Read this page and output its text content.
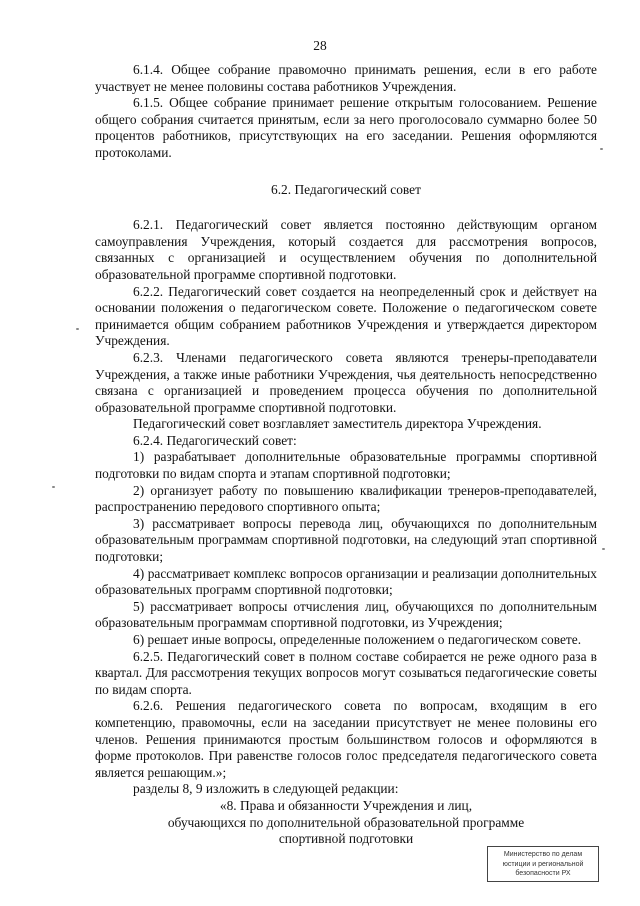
28

6.1.4. Общее собрание правомочно принимать решения, если в его работе участвует не менее половины состава работников Учреждения.

6.1.5. Общее собрание принимает решение открытым голосованием. Решение общего собрания считается принятым, если за него проголосовало суммарно более 50 процентов работников, присутствующих на его заседании. Решения оформляются протоколами.

6.2. Педагогический совет

6.2.1. Педагогический совет является постоянно действующим органом самоуправления Учреждения, который создается для рассмотрения вопросов, связанных с организацией и осуществлением обучения по дополнительной образовательной программе спортивной подготовки.

6.2.2. Педагогический совет создается на неопределенный срок и действует на основании положения о педагогическом совете. Положение о педагогическом совете принимается общим собранием работников Учреждения и утверждается директором Учреждения.

6.2.3. Членами педагогического совета являются тренеры-преподаватели Учреждения, а также иные работники Учреждения, чья деятельность непосредственно связана с организацией и проведением процесса обучения по дополнительной образовательной программе спортивной подготовки.

Педагогический совет возглавляет заместитель директора Учреждения.

6.2.4. Педагогический совет:

1) разрабатывает дополнительные образовательные программы спортивной подготовки по видам спорта и этапам спортивной подготовки;

2) организует работу по повышению квалификации тренеров-преподавателей, распространению передового спортивного опыта;

3) рассматривает вопросы перевода лиц, обучающихся по дополнительным образовательным программам спортивной подготовки, на следующий этап спортивной подготовки;

4) рассматривает комплекс вопросов организации и реализации дополнительных образовательных программ спортивной подготовки;

5) рассматривает вопросы отчисления лиц, обучающихся по дополнительным образовательным программам спортивной подготовки, из Учреждения;

6) решает иные вопросы, определенные положением о педагогическом совете.

6.2.5. Педагогический совет в полном составе собирается не реже одного раза в квартал. Для рассмотрения текущих вопросов могут созываться педагогические советы по видам спорта.

6.2.6. Решения педагогического совета по вопросам, входящим в его компетенцию, правомочны, если на заседании присутствует не менее половины его членов. Решения принимаются простым большинством голосов и оформляются в форме протоколов. При равенстве голосов голос председателя педагогического совета является решающим.»;

разделы 8, 9 изложить в следующей редакции:

«8. Права и обязанности Учреждения и лиц,

обучающихся по дополнительной образовательной программе

спортивной подготовки

Министерство по делам
юстиции и региональной
безопасности РХ
